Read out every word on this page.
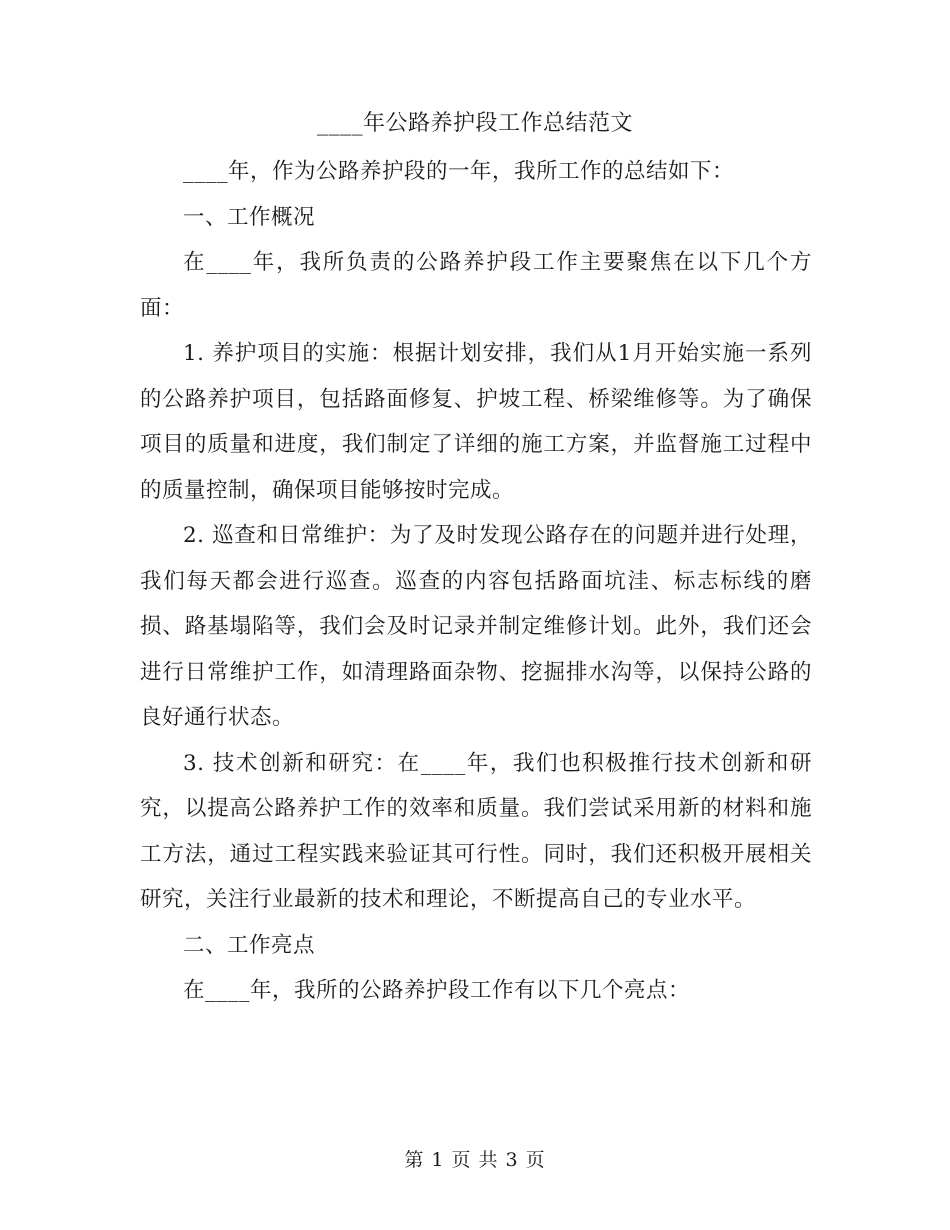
____年公路养护段工作总结范文

____年，作为公路养护段的一年，我所工作的总结如下：

一、工作概况

在____年，我所负责的公路养护段工作主要聚焦在以下几个方面：

1. 养护项目的实施：根据计划安排，我们从1月开始实施一系列的公路养护项目，包括路面修复、护坡工程、桥梁维修等。为了确保项目的质量和进度，我们制定了详细的施工方案，并监督施工过程中的质量控制，确保项目能够按时完成。

2. 巡查和日常维护：为了及时发现公路存在的问题并进行处理，我们每天都会进行巡查。巡查的内容包括路面坑洼、标志标线的磨损、路基塌陷等，我们会及时记录并制定维修计划。此外，我们还会进行日常维护工作，如清理路面杂物、挖掘排水沟等，以保持公路的良好通行状态。

3. 技术创新和研究：在____年，我们也积极推行技术创新和研究，以提高公路养护工作的效率和质量。我们尝试采用新的材料和施工方法，通过工程实践来验证其可行性。同时，我们还积极开展相关研究，关注行业最新的技术和理论，不断提高自己的专业水平。

二、工作亮点

在____年，我所的公路养护段工作有以下几个亮点：

第 1 页 共 3 页
